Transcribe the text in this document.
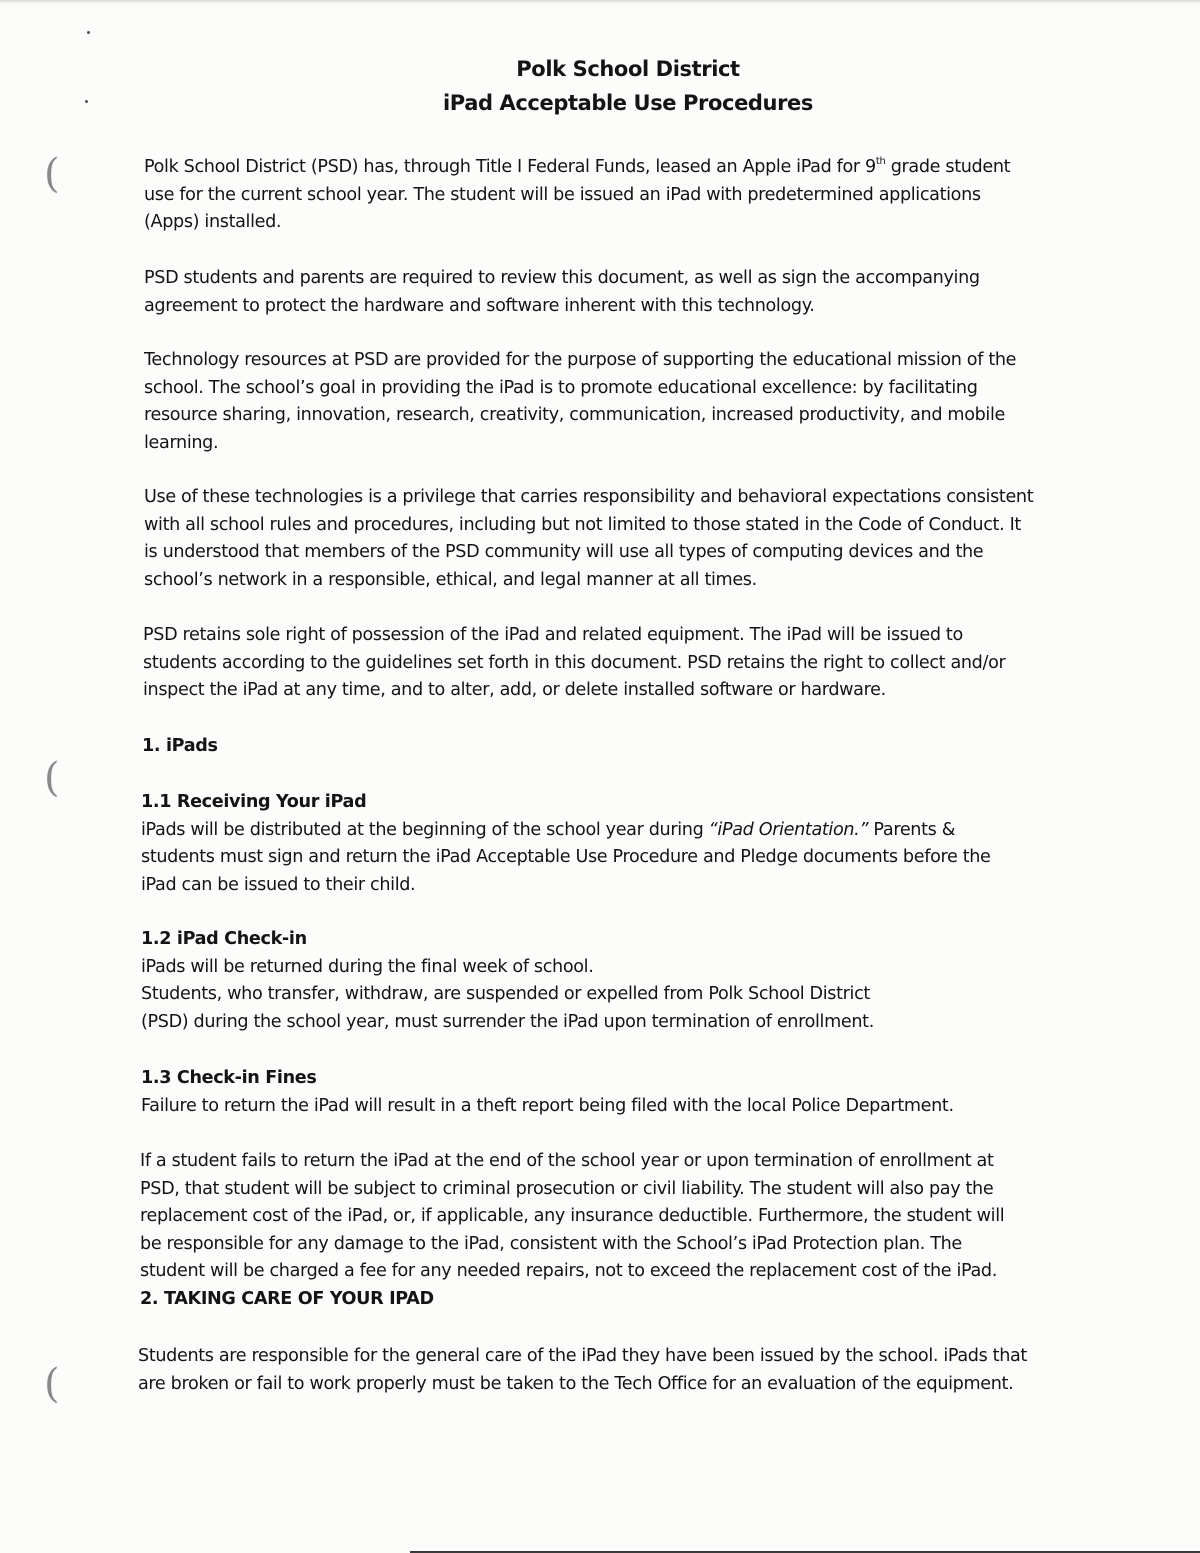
(
(
(
Polk School District
iPad Acceptable Use Procedures
Polk School District (PSD) has, through Title I Federal Funds, leased an Apple iPad for 9th grade student
use for the current school year. The student will be issued an iPad with predetermined applications
(Apps) installed.
PSD students and parents are required to review this document, as well as sign the accompanying
agreement to protect the hardware and software inherent with this technology.
Technology resources at PSD are provided for the purpose of supporting the educational mission of the
school. The school’s goal in providing the iPad is to promote educational excellence: by facilitating
resource sharing, innovation, research, creativity, communication, increased productivity, and mobile
learning.
Use of these technologies is a privilege that carries responsibility and behavioral expectations consistent
with all school rules and procedures, including but not limited to those stated in the Code of Conduct. It
is understood that members of the PSD community will use all types of computing devices and the
school’s network in a responsible, ethical, and legal manner at all times.
PSD retains sole right of possession of the iPad and related equipment. The iPad will be issued to
students according to the guidelines set forth in this document. PSD retains the right to collect and/or
inspect the iPad at any time, and to alter, add, or delete installed software or hardware.
1. iPads
1.1 Receiving Your iPad
iPads will be distributed at the beginning of the school year during “iPad Orientation.” Parents &
students must sign and return the iPad Acceptable Use Procedure and Pledge documents before the
iPad can be issued to their child.
1.2 iPad Check-in
iPads will be returned during the final week of school.
Students, who transfer, withdraw, are suspended or expelled from Polk School District
(PSD) during the school year, must surrender the iPad upon termination of enrollment.
1.3 Check-in Fines
Failure to return the iPad will result in a theft report being filed with the local Police Department.
If a student fails to return the iPad at the end of the school year or upon termination of enrollment at
PSD, that student will be subject to criminal prosecution or civil liability. The student will also pay the
replacement cost of the iPad, or, if applicable, any insurance deductible. Furthermore, the student will
be responsible for any damage to the iPad, consistent with the School’s iPad Protection plan. The
student will be charged a fee for any needed repairs, not to exceed the replacement cost of the iPad.
2. TAKING CARE OF YOUR IPAD
Students are responsible for the general care of the iPad they have been issued by the school. iPads that
are broken or fail to work properly must be taken to the Tech Office for an evaluation of the equipment.
